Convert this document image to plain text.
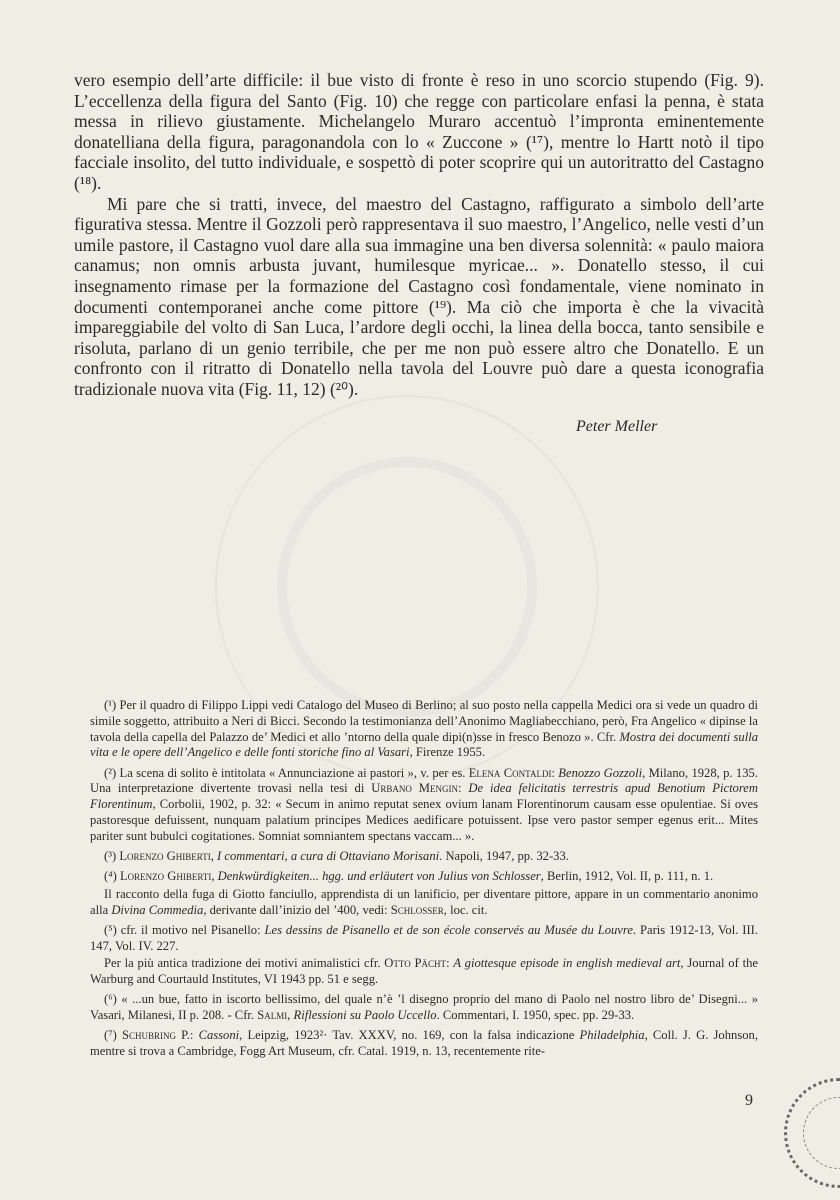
vero esempio dell’arte difficile: il bue visto di fronte è reso in uno scorcio stupendo (Fig. 9). L’eccellenza della figura del Santo (Fig. 10) che regge con particolare enfasi la penna, è stata messa in rilievo giustamente. Michelangelo Muraro accentuò l’impronta eminentemente donatelliana della figura, paragonandola con lo « Zuccone » (¹⁷), mentre lo Hartt notò il tipo facciale insolito, del tutto individuale, e sospettò di poter scoprire qui un autoritratto del Castagno (¹⁸).

Mi pare che si tratti, invece, del maestro del Castagno, raffigurato a simbolo dell’arte figurativa stessa. Mentre il Gozzoli però rappresentava il suo maestro, l’Angelico, nelle vesti d’un umile pastore, il Castagno vuol dare alla sua immagine una ben diversa solennità: « paulo maiora canamus; non omnis arbusta juvant, humilesque myricae... ». Donatello stesso, il cui insegnamento rimase per la formazione del Castagno così fondamentale, viene nominato in documenti contemporanei anche come pittore (¹⁹). Ma ciò che importa è che la vivacità impareggiabile del volto di San Luca, l’ardore degli occhi, la linea della bocca, tanto sensibile e risoluta, parlano di un genio terribile, che per me non può essere altro che Donatello. E un confronto con il ritratto di Donatello nella tavola del Louvre può dare a questa iconografia tradizionale nuova vita (Fig. 11, 12) (²⁰).

Peter Meller

(¹) Per il quadro di Filippo Lippi vedi Catalogo del Museo di Berlino; al suo posto nella cappella Medici ora si vede un quadro di simile soggetto, attribuito a Neri di Bicci. Secondo la testimonianza dell’Anonimo Magliabecchiano, però, Fra Angelico « dipinse la tavola della capella del Palazzo de’ Medici et allo ’ntorno della quale dipi(n)sse in fresco Benozo ». Cfr. Mostra dei documenti sulla vita e le opere dell’Angelico e delle fonti storiche fino al Vasari, Firenze 1955.

(²) La scena di solito è intitolata « Annunciazione ai pastori », v. per es. Elena Contaldi: Benozzo Gozzoli, Milano, 1928, p. 135. Una interpretazione divertente trovasi nella tesi di Urbano Mengin: De idea felicitatis terrestris apud Benotium Pictorem Florentinum, Corbolii, 1902, p. 32: « Secum in animo reputat senex ovium lanam Florentinorum causam esse opulentiae. Si oves pastoresque defuissent, nunquam palatium principes Medices aedificare potuissent. Ipse vero pastor semper egenus erit... Mites pariter sunt bubulci cogitationes. Somniat somniantem spectans vaccam... ».

(³) Lorenzo Ghiberti, I commentari, a cura di Ottaviano Morisani. Napoli, 1947, pp. 32-33.

(⁴) Lorenzo Ghiberti, Denkwürdigkeiten... hgg. und erläutert von Julius von Schlosser, Berlin, 1912, Vol. II, p. 111, n. 1.

Il racconto della fuga di Giotto fanciullo, apprendista di un lanificio, per diventare pittore, appare in un commentario anonimo alla Divina Commedia, derivante dall’inizio del ’400, vedi: Schlosser, loc. cit.

(⁵) cfr. il motivo nel Pisanello: Les dessins de Pisanello et de son école conservés au Musée du Louvre. Paris 1912-13, Vol. III. 147, Vol. IV. 227.

Per la più antica tradizione dei motivi animalistici cfr. Otto Pächt: A giottesque episode in english medieval art, Journal of the Warburg and Courtauld Institutes, VI 1943 pp. 51 e segg.

(⁶) « ...un bue, fatto in iscorto bellissimo, del quale n’è ’l disegno proprio del mano di Paolo nel nostro libro de’ Disegni... » Vasari, Milanesi, II p. 208. - Cfr. Salmi, Riflessioni su Paolo Uccello. Commentari, I. 1950, spec. pp. 29-33.

(⁷) Schubring P.: Cassoni, Leipzig, 1923²· Tav. XXXV, no. 169, con la falsa indicazione Philadelphia, Coll. J. G. Johnson, mentre si trova a Cambridge, Fogg Art Museum, cfr. Catal. 1919, n. 13, recentemente rite-

9
